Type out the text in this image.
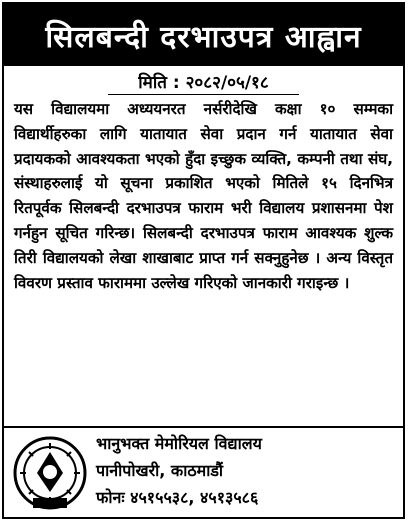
सिलबन्दी दरभाउपत्र आह्वान
मिति : २०८२/०५/१८

यस विद्यालयमा अध्ययनरत नर्सरीदेखि कक्षा १० सम्मका विद्यार्थीहरुका लागि यातायात सेवा प्रदान गर्न यातायात सेवा प्रदायककाे आवश्यकता भएकाे हुँदा इच्छुक व्यक्ति, कम्पनी तथा संघ, संस्थाहरुलाई याे सूचना प्रकाशित भएकाे मितिले १५ दिनभित्र रितपूर्वक सिलबन्दी दरभाउपत्र फाराम भरी विद्यालय प्रशासनमा पेश गर्नहुन सूचित गरिन्छ। सिलबन्दी दरभाउपत्र फाराम आवश्यक शुल्क तिरी विद्यालयकाे लेखा शाखाबाट प्राप्त गर्न सक्नुहुनेछ । अन्य विस्तृत विवरण प्रस्ताव फाराममा उल्लेख गरिएकाे जानकारी गराइन्छ ।

भानुभक्त मेमोरियल विद्यालय
पानीपोखरी, काठमाडौं
फोनः ४५१५५३८, ४५१३५८६
